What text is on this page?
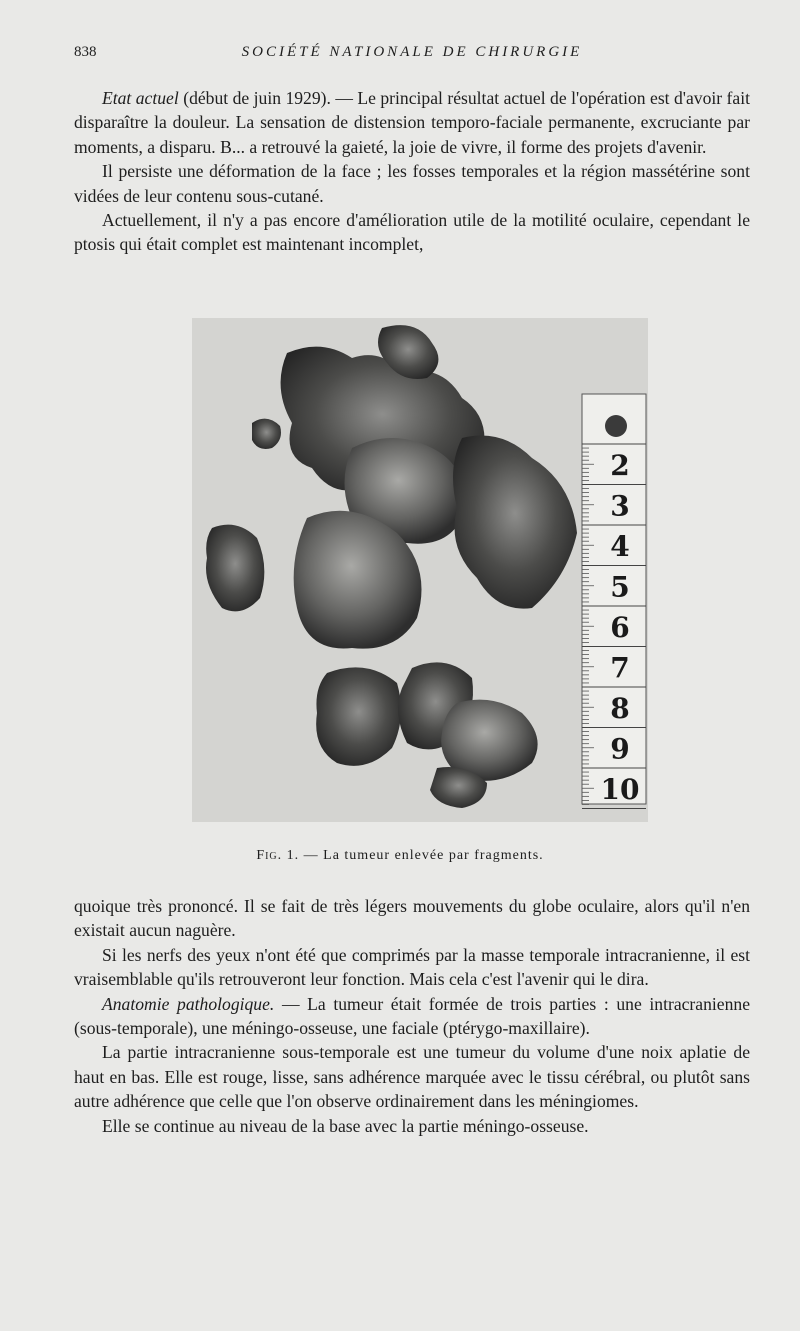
838	SOCIÉTÉ NATIONALE DE CHIRURGIE

Etat actuel (début de juin 1929). — Le principal résultat actuel de l'opération est d'avoir fait disparaître la douleur. La sensation de distension temporo-faciale permanente, excruciante par moments, a disparu. B... a retrouvé la gaieté, la joie de vivre, il forme des projets d'avenir.

Il persiste une déformation de la face ; les fosses temporales et la région massétérine sont vidées de leur contenu sous-cutané.

Actuellement, il n'y a pas encore d'amélioration utile de la motilité oculaire, cependant le ptosis qui était complet est maintenant incomplet,

2
3
4
5
6
7
8
9
10
Fig. 1. — La tumeur enlevée par fragments.

quoique très prononcé. Il se fait de très légers mouvements du globe oculaire, alors qu'il n'en existait aucun naguère.

Si les nerfs des yeux n'ont été que comprimés par la masse temporale intracranienne, il est vraisemblable qu'ils retrouveront leur fonction. Mais cela c'est l'avenir qui le dira.

Anatomie pathologique. — La tumeur était formée de trois parties : une intracranienne (sous-temporale), une méningo-osseuse, une faciale (ptérygo-maxillaire).

La partie intracranienne sous-temporale est une tumeur du volume d'une noix aplatie de haut en bas. Elle est rouge, lisse, sans adhérence marquée avec le tissu cérébral, ou plutôt sans autre adhérence que celle que l'on observe ordinairement dans les méningiomes.

Elle se continue au niveau de la base avec la partie méningo-osseuse.
